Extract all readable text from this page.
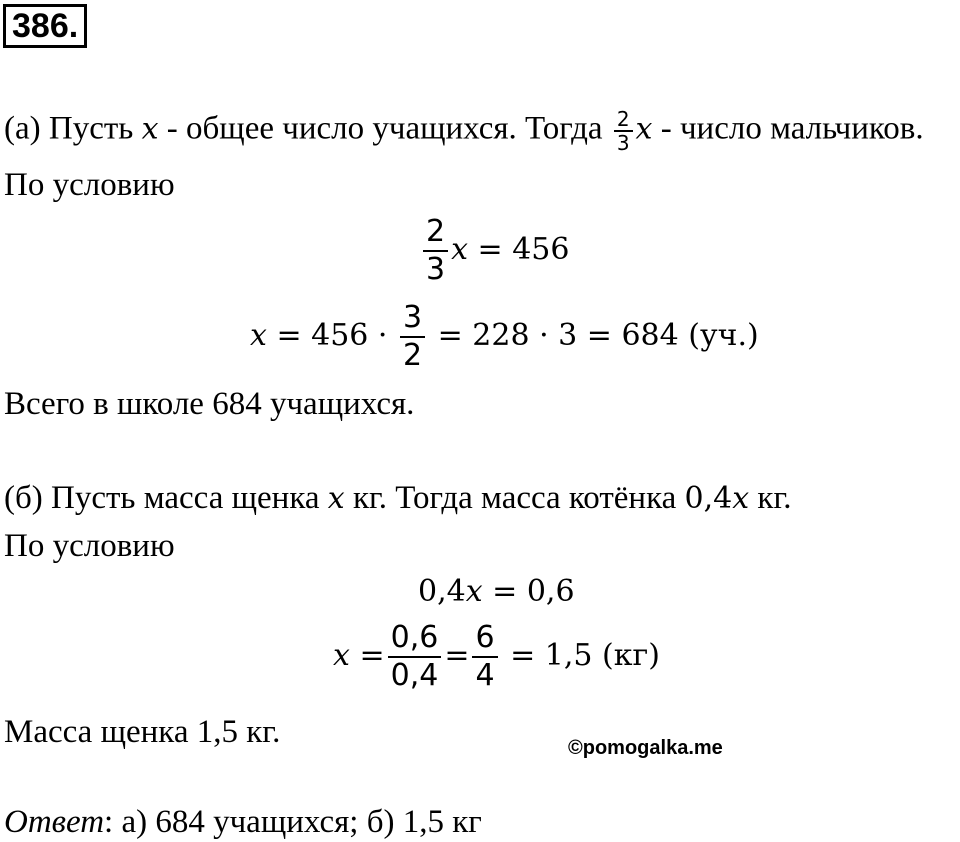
386.
(а) Пусть x - общее число учащихся. Тогда $\frac{2}{3}$ x - число мальчиков.
По условию
$\frac{2}{3}$ x = 456
$x = 456 \cdot \frac{3}{2} = 228 \cdot 3 = 684$ (уч.)
Всего в школе 684 учащихся.
(б) Пусть масса щенка x кг. Тогда масса котёнка 0,4x кг.
По условию
0,4x = 0,6
$x = \frac{0,6}{0,4} = \frac{6}{4} = 1,5$ (кг)
Масса щенка 1,5 кг.	©pomogalka.me
Ответ: а) 684 учащихся; б) 1,5 кг
